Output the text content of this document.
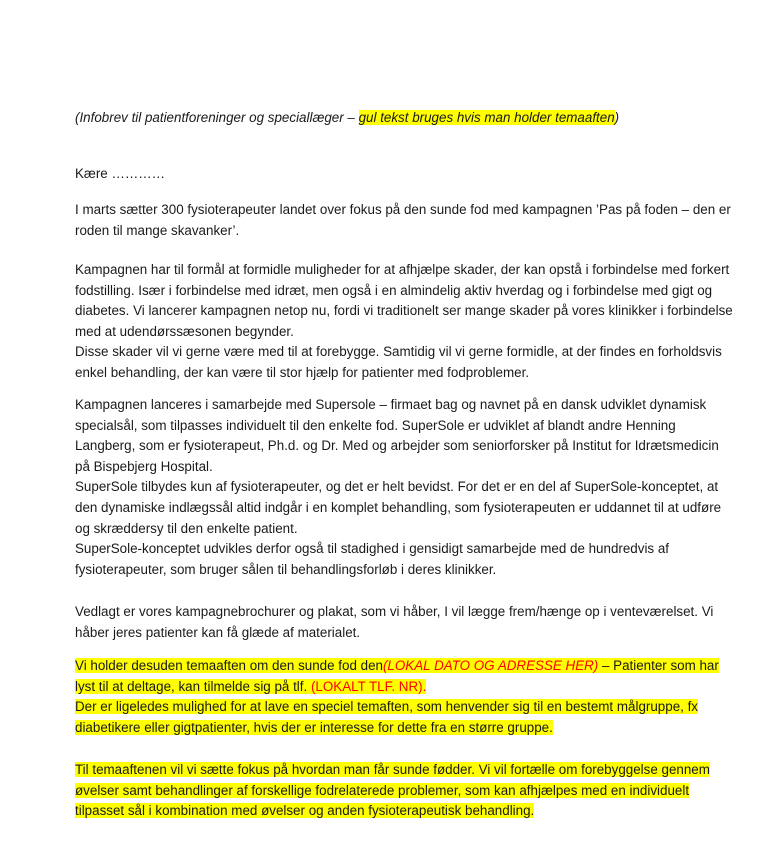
(Infobrev til patientforeninger og speciallæger – gul tekst bruges hvis man holder temaaften)

Kære …………

I marts sætter 300 fysioterapeuter landet over fokus på den sunde fod med kampagnen ’Pas på foden – den er roden til mange skavanker’.

Kampagnen har til formål at formidle muligheder for at afhjælpe skader, der kan opstå i forbindelse med forkert fodstilling. Især i forbindelse med idræt, men også i en almindelig aktiv hverdag og i forbindelse med gigt og diabetes. Vi lancerer kampagnen netop nu, fordi vi traditionelt ser mange skader på vores klinikker i forbindelse med at udendørssæsonen begynder.
Disse skader vil vi gerne være med til at forebygge. Samtidig vil vi gerne formidle, at der findes en forholdsvis enkel behandling, der kan være til stor hjælp for patienter med fodproblemer.
Kampagnen lanceres i samarbejde med Supersole – firmaet bag og navnet på en dansk udviklet dynamisk specialsål, som tilpasses individuelt til den enkelte fod. SuperSole er udviklet af blandt andre Henning Langberg, som er fysioterapeut, Ph.d. og Dr. Med og arbejder som seniorforsker på Institut for Idrætsmedicin på Bispebjerg Hospital.
SuperSole tilbydes kun af fysioterapeuter, og det er helt bevidst. For det er en del af SuperSole-konceptet, at den dynamiske indlægssål altid indgår i en komplet behandling, som fysioterapeuten er uddannet til at udføre og skræddersy til den enkelte patient.
SuperSole-konceptet udvikles derfor også til stadighed i gensidigt samarbejde med de hundredvis af fysioterapeuter, som bruger sålen til behandlingsforløb i deres klinikker.

Vedlagt er vores kampagnebrochurer og plakat, som vi håber, I vil lægge frem/hænge op i venteværelset. Vi håber jeres patienter kan få glæde af materialet.

Vi holder desuden temaaften om den sunde fod den(LOKAL DATO OG ADRESSE HER) – Patienter som har lyst til at deltage, kan tilmelde sig på tlf. (LOKALT TLF. NR).
Der er ligeledes mulighed for at lave en speciel temaften, som henvender sig til en bestemt målgruppe, fx diabetikere eller gigtpatienter, hvis der er interesse for dette fra en større gruppe.

Til temaaftenen vil vi sætte fokus på hvordan man får sunde fødder. Vi vil fortælle om forebyggelse gennem øvelser samt behandlinger af forskellige fodrelaterede problemer, som kan afhjælpes med en individuelt tilpasset sål i kombination med øvelser og anden fysioterapeutisk behandling.
